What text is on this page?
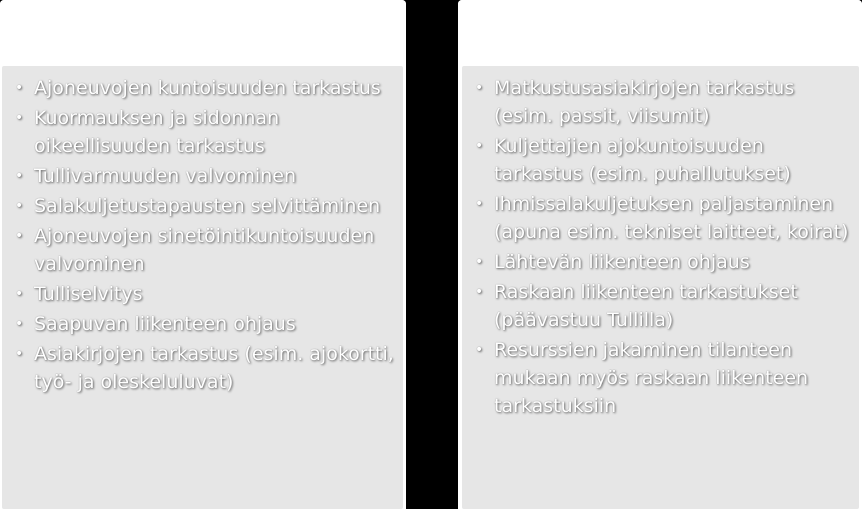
• Ajoneuvojen kuntoisuuden tarkastus
• Kuormauksen ja sidonnan oikeellisuuden tarkastus
• Tullivarmuuden valvominen
• Salakuljetustapausten selvittäminen
• Ajoneuvojen sinetöintikuntoisuuden valvominen
• Tulliselvitys
• Saapuvan liikenteen ohjaus
• Asiakirjojen tarkastus (esim. ajokortti, työ- ja oleskeluluvat)
• Matkustusasiakirjojen tarkastus (esim. passit, viisumit)
• Kuljettajien ajokuntoisuuden tarkastus (esim. puhallutukset)
• Ihmissalakuljetuksen paljastaminen (apuna esim. tekniset laitteet, koirat)
• Lähtevän liikenteen ohjaus
• Raskaan liikenteen tarkastukset (päävastuu Tullilla)
• Resurssien jakaminen tilanteen mukaan myös raskaan liikenteen tarkastuksiin
